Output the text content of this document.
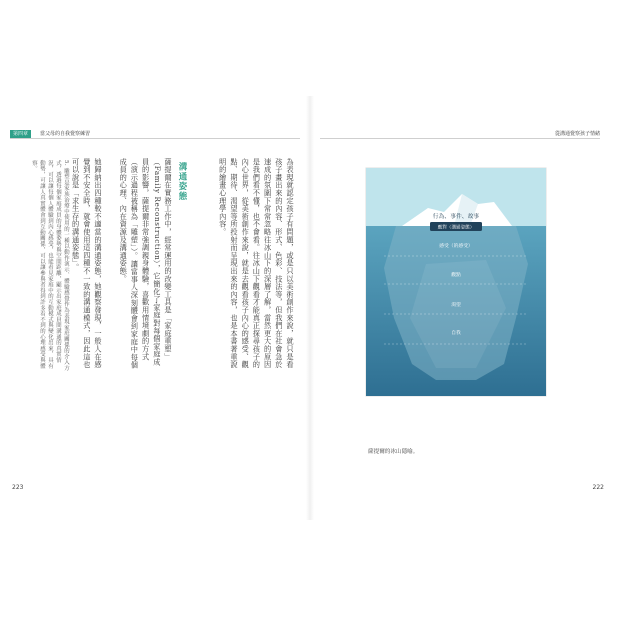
第四章	當父母的自我覺察練習
為表現就認定孩子有問題，或是只以美術創作來說，就只是看孩子畫出來的內容、形式、色彩、技法等，但我們在社會急於速成的氛圍下常常忽略往冰山下的深層了解，當然更大的原因是我們看不懂，也不會看。往冰山下觀看才能真正探尋孩子的內心世界，從美術創作來說，就是去觀看孩子內心的感受、觀點、期待、渴望等所投射而呈現出來的內容，也是本書著重說明的繪畫心理學內容。
溝通姿態
薩提爾在實務工作中，經常運用的改變工具是「家庭重塑」（Family Reconstruction），它簡化了家庭對每個家庭成員的影響，薩提爾非常強調親身體驗，喜歡用情境劇的方式（演示過程被稱為「雕塑」）。讓當事人深刻體會到家庭中每個成員的心理、內在資源及溝通姿態。
她歸納出四種較不適當的溝通姿態，她觀察發現，一般人在感覺到不安全時，就會使用這四種不一致的溝通模式，因此這也可以說是「求生存的溝通姿態」。
5. 雕塑是家族治療中使用的一種以動作演示、體驗感覺作為表現家庭關係的介入方式，透過每個家庭成員的身體姿勢與空間距離，顯示出家庭成員間溝通的真實情況，可以讓每個人體驗到內心感受，也能看見家庭中的互動模式與變化出來，具有動勢，可讓人真實體會到互動關係，可以讓參與者得到許多看不到的心理感受與體察。
223
從溝通覺察孩子情緒
行為、事件、故事
應對（溝通姿態）
感受（的感受）
觀點
渴望
自我
薩提爾的冰山隱喻。
222
